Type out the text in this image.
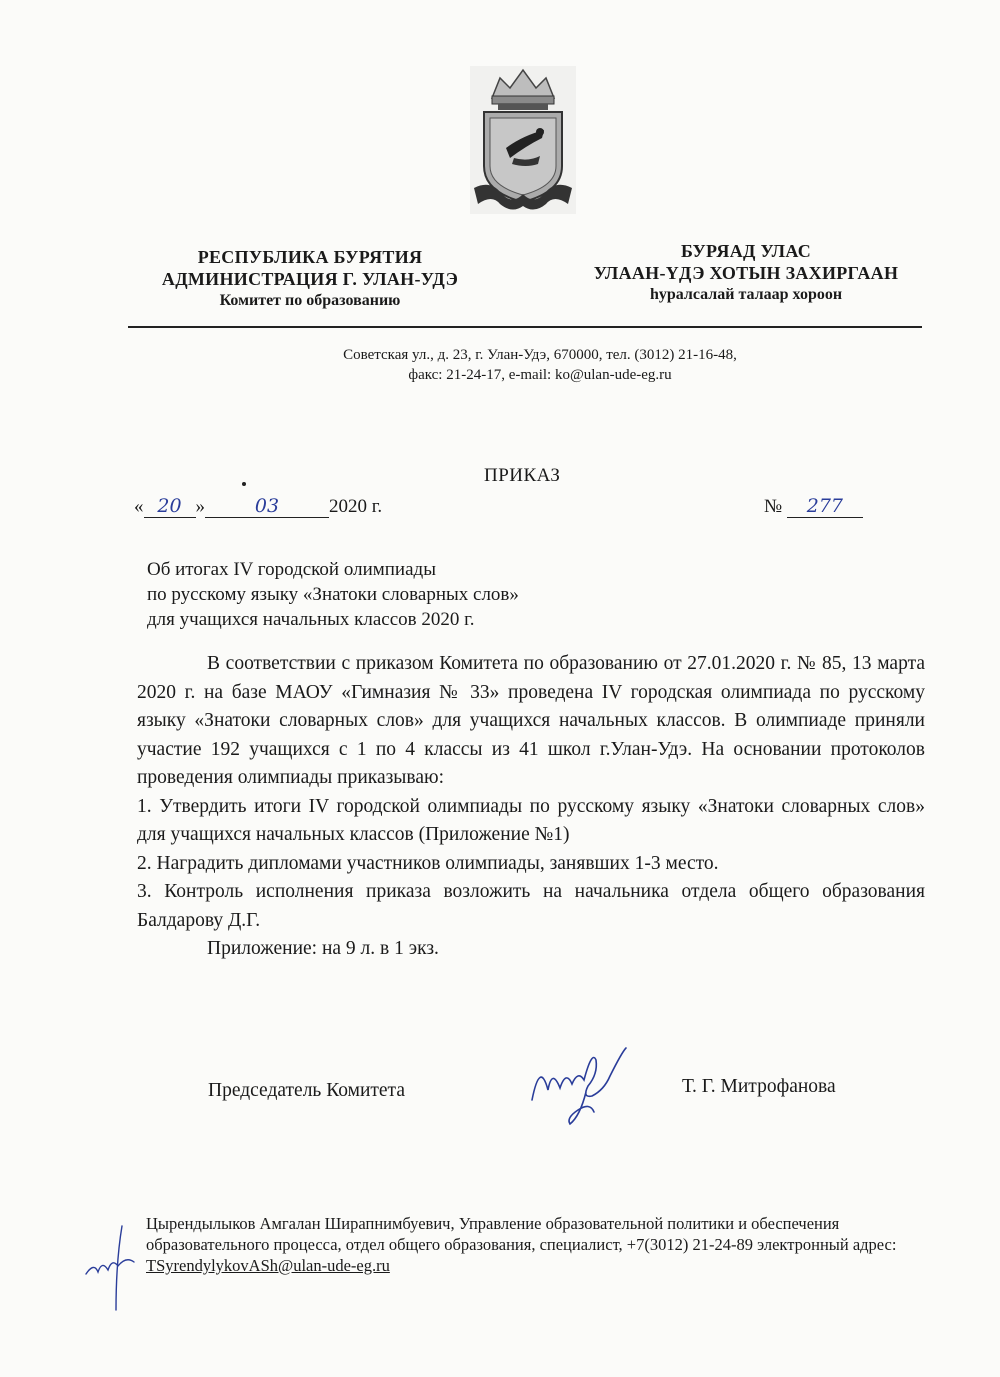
РЕСПУБЛИКА БУРЯТИЯ
АДМИНИСТРАЦИЯ Г. УЛАН-УДЭ
Комитет по образованию
БУРЯАД УЛАС
УЛААН-ҮДЭ ХОТЫН ЗАХИРГААН
hуралсалай талаар хороон
Советская ул., д. 23, г. Улан-Удэ, 670000, тел. (3012) 21-16-48,
факс: 21-24-17, e-mail: ko@ulan-ude-eg.ru
ПРИКАЗ
« 20 »	03	2020 г.	№ 277
Об итогах IV городской олимпиады
по русскому языку «Знатоки словарных слов»
для учащихся начальных классов 2020 г.

В соответствии с приказом Комитета по образованию от 27.01.2020 г. № 85, 13 марта 2020 г. на базе МАОУ «Гимназия № 33» проведена IV городская олимпиада по русскому языку «Знатоки словарных слов» для учащихся начальных классов. В олимпиаде приняли участие 192 учащихся с 1 по 4 классы из 41 школ г.Улан-Удэ. На основании протоколов проведения олимпиады приказываю:

1. Утвердить итоги IV городской олимпиады по русскому языку «Знатоки словарных слов» для учащихся начальных классов (Приложение №1)

2. Наградить дипломами участников олимпиады, занявших 1-3 место.

3. Контроль исполнения приказа возложить на начальника отдела общего образования Балдарову Д.Г.

Приложение: на 9 л. в 1 экз.

Председатель Комитета	Т. Г. Митрофанова
Цырендылыков Амгалан Ширапнимбуевич, Управление образовательной политики и обеспечения образовательного процесса, отдел общего образования, специалист, +7(3012) 21-24-89 электронный адрес: TSyrendylykovASh@ulan-ude-eg.ru
